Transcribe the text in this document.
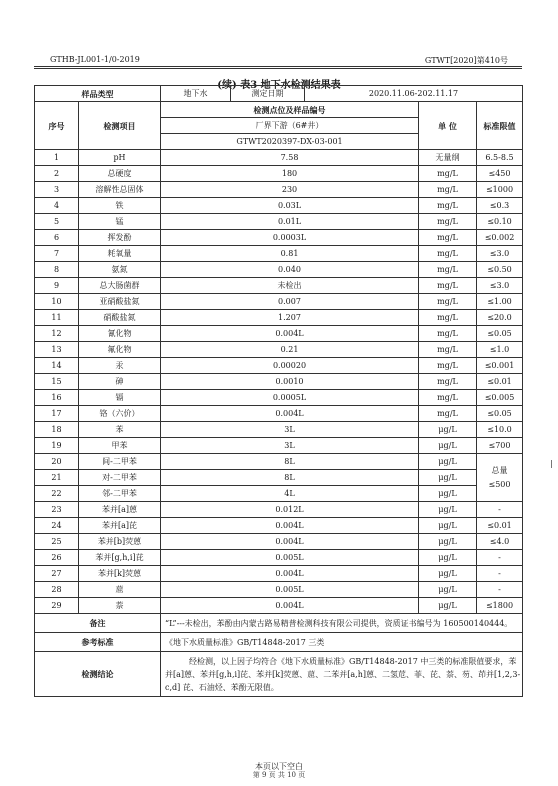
GTHB-JL001-1/0-2019	GTWT[2020]第410号
(续) 表3 地下水检测结果表
样品类型		地下水	测定日期	2020.11.06-202.11.17		
序号	检测项目	检测点位及样品编号			单 位	标准限值
		厂界下游（6#井）				
		GTWT2020397-DX-03-001				
1	pH	7.58			无量纲	6.5-8.5
2	总硬度	180			mg/L	≤450
3	溶解性总固体	230			mg/L	≤1000
4	铁	0.03L			mg/L	≤0.3
5	锰	0.01L			mg/L	≤0.10
6	挥发酚	0.0003L			mg/L	≤0.002
7	耗氧量	0.81			mg/L	≤3.0
8	氨氮	0.040			mg/L	≤0.50
9	总大肠菌群	未检出			mg/L	≤3.0
10	亚硝酸盐氮	0.007			mg/L	≤1.00
11	硝酸盐氮	1.207			mg/L	≤20.0
12	氰化物	0.004L			mg/L	≤0.05
13	氟化物	0.21			mg/L	≤1.0
14	汞	0.00020			mg/L	≤0.001
15	砷	0.0010			mg/L	≤0.01
16	镉	0.0005L			mg/L	≤0.005
17	铬（六价）	0.004L			mg/L	≤0.05
18	苯	3L			μg/L	≤10.0
19	甲苯	3L			μg/L	≤700
20	间-二甲苯	8L			μg/L	总量
≤500

21	对-二甲苯	8L			μg/L	
22	邻-二甲苯	4L			μg/L	
23	苯并[a]蒽	0.012L			μg/L	-
24	苯并[a]芘	0.004L			μg/L	≤0.01
25	苯并[b]荧蒽	0.004L			μg/L	≤4.0
26	苯并[g,h,i]芘	0.005L			μg/L	-
27	苯并[k]荧蒽	0.004L			μg/L	-
28	䓛	0.005L			μg/L	-
29	萘	0.004L			μg/L	≤1800
备注		“L”---未检出，苯酚由内蒙古路易精普检测科技有限公司提供，资质证书编号为 160500140444。				
参考标准		《地下水质量标准》GB/T14848-2017 三类				
检测结论		经检测，以上因子均符合《地下水质量标准》GB/T14848-2017 中三类的标准限值要求，苯并[a]蒽、苯并[g,h,i]芘、苯并[k]荧蒽、䓛、二苯并[a,h]蒽、二氢苊、菲、芘、萘、芴、茚并[1,2,3-c,d] 芘、石油烃、苯酚无限值。				
本页以下空白
第 9 页 共 10 页
